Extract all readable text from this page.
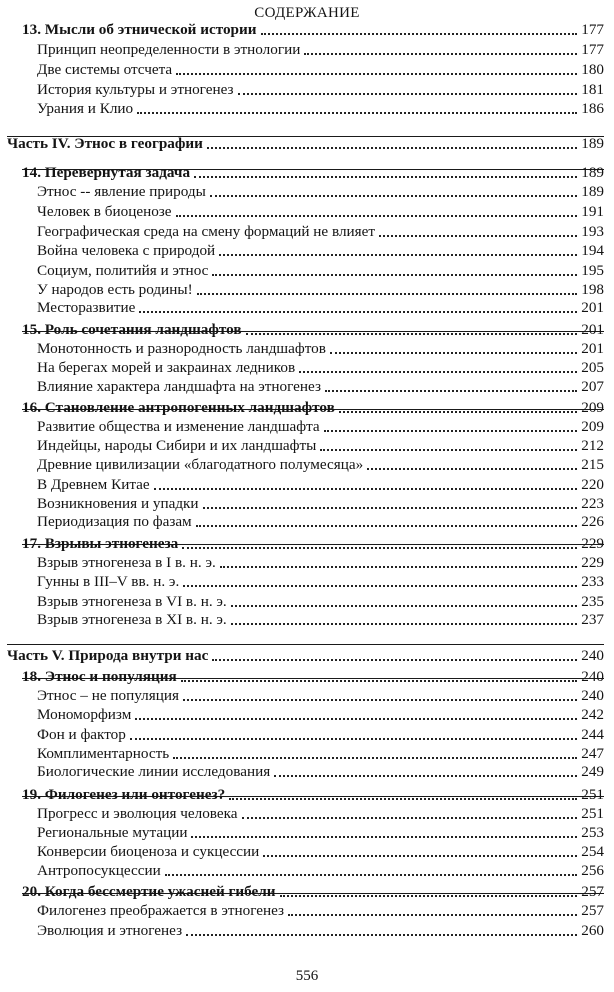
СОДЕРЖАНИЕ
13. Мысли об этнической истории	177
Принцип неопределенности в этнологии	177
Две системы отсчета	180
История культуры и этногенез	181
Урания и Клио	186
Часть IV. Этнос в географии	189
14. Перевернутая задача	189
Этнос -- явление природы	189
Человек в биоценозе	191
Географическая среда на смену формаций не влияет	193
Война человека с природой	194
Социум, политийя и этнос	195
У народов есть родины!	198
Месторазвитие	201
15. Роль сочетания ландшафтов	201
Монотонность и разнородность ландшафтов	201
На берегах морей и закраинах ледников	205
Влияние характера ландшафта на этногенез	207
16. Становление антропогенных ландшафтов	209
Развитие общества и изменение ландшафта	209
Индейцы, народы Сибири и их ландшафты	212
Древние цивилизации «благодатного полумесяца»	215
В Древнем Китае	220
Возникновения и упадки	223
Периодизация по фазам	226
17. Взрывы этногенеза	229
Взрыв этногенеза в I в. н. э.	229
Гунны в III–V вв. н. э.	233
Взрыв этногенеза в VI в. н. э.	235
Взрыв этногенеза в XI в. н. э.	237
Часть V. Природа внутри нас	240
18. Этнос и популяция	240
Этнос – не популяция	240
Мономорфизм	242
Фон и фактор	244
Комплиментарность	247
Биологические линии исследования	249
19. Филогенез или онтогенез?	251
Прогресс и эволюция человека	251
Региональные мутации	253
Конверсии биоценоза и сукцессии	254
Антропосукцессии	256
20. Когда бессмертие ужасней гибели	257
Филогенез преображается в этногенез	257
Эволюция и этногенез	260
556
